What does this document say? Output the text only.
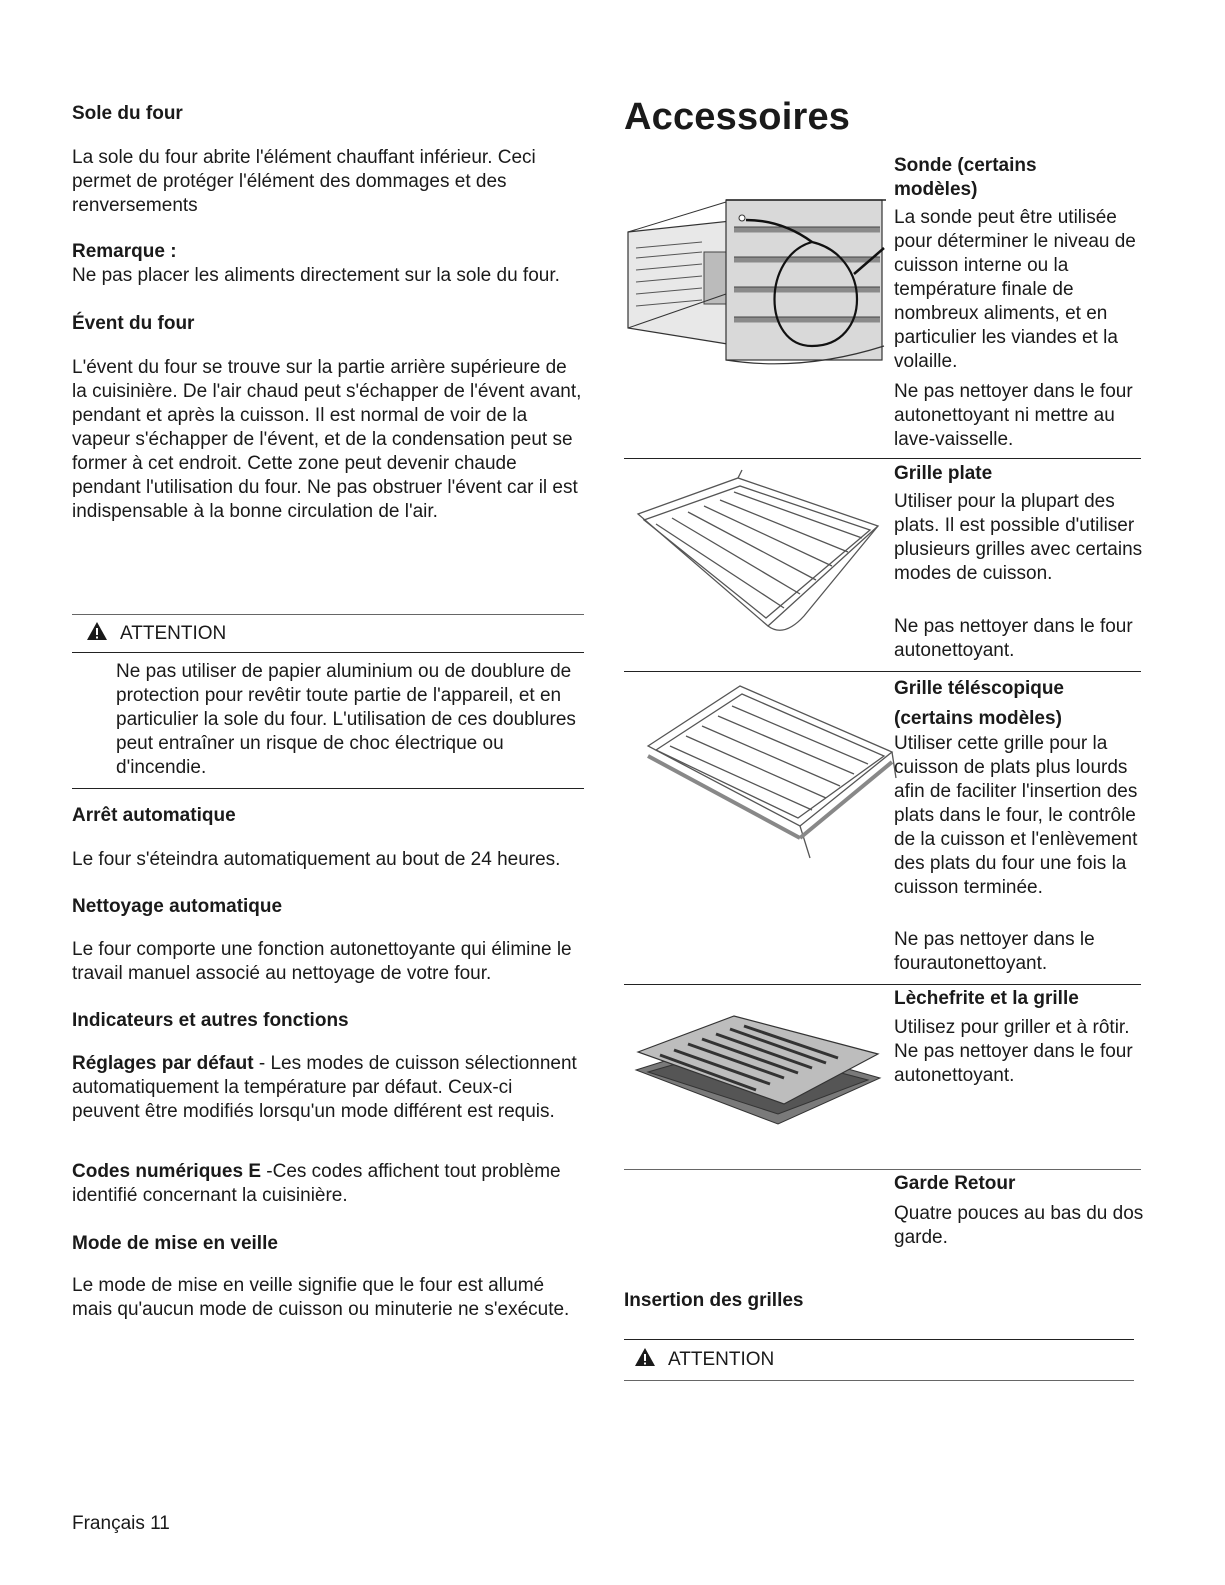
Sole du four

La sole du four abrite l'élément chauffant inférieur. Ceci permet de protéger l'élément des dommages et des renversements

Remarque :

Ne pas placer les aliments directement sur la sole du four.

Évent du four

L'évent du four se trouve sur la partie arrière supérieure de la cuisinière. De l'air chaud peut s'échapper de l'évent avant, pendant et après la cuisson. Il est normal de voir de la vapeur s'échapper de l'évent, et de la condensation peut se former à cet endroit. Cette zone peut devenir chaude pendant l'utilisation du four. Ne pas obstruer l'évent car il est indispensable à la bonne circulation de l'air.

ATTENTION

Ne pas utiliser de papier aluminium ou de doublure de protection pour revêtir toute partie de l'appareil, et en particulier la sole du four. L'utilisation de ces doublures peut entraîner un risque de choc électrique ou d'incendie.

Arrêt automatique

Le four s'éteindra automatiquement au bout de 24 heures.

Nettoyage automatique

Le four comporte une fonction autonettoyante qui élimine le travail manuel associé au nettoyage de votre four.

Indicateurs et autres fonctions

Réglages par défaut - Les modes de cuisson sélectionnent automatiquement la température par défaut. Ceux-ci peuvent être modifiés lorsqu'un mode différent est requis.

Codes numériques E -Ces codes affichent tout problème identifié concernant la cuisinière.

Mode de mise en veille

Le mode de mise en veille signifie que le four est allumé mais qu'aucun mode de cuisson ou minuterie ne s'exécute.

Français 11
Accessoires
Sonde (certains modèles)

La sonde peut être utilisée pour déterminer le niveau de cuisson interne ou la température finale de nombreux aliments, et en particulier les viandes et la volaille.

Ne pas nettoyer dans le four autonettoyant ni mettre au lave-vaisselle.

Grille plate

Utiliser pour la plupart des plats. Il est possible d'utiliser plusieurs grilles avec certains modes de cuisson.

Ne pas nettoyer dans le four autonettoyant.

Grille téléscopique (certains modèles)

Utiliser cette grille pour la cuisson de plats plus lourds afin de faciliter l'insertion des plats dans le four, le contrôle de la cuisson et l'enlèvement des plats du four une fois la cuisson terminée.

Ne pas nettoyer dans le fourautonettoyant.

Lèchefrite et la grille

Utilisez pour griller et à rôtir. Ne pas nettoyer dans le four autonettoyant.

Garde Retour

Quatre pouces au bas du dos garde.

Insertion des grilles
ATTENTION
